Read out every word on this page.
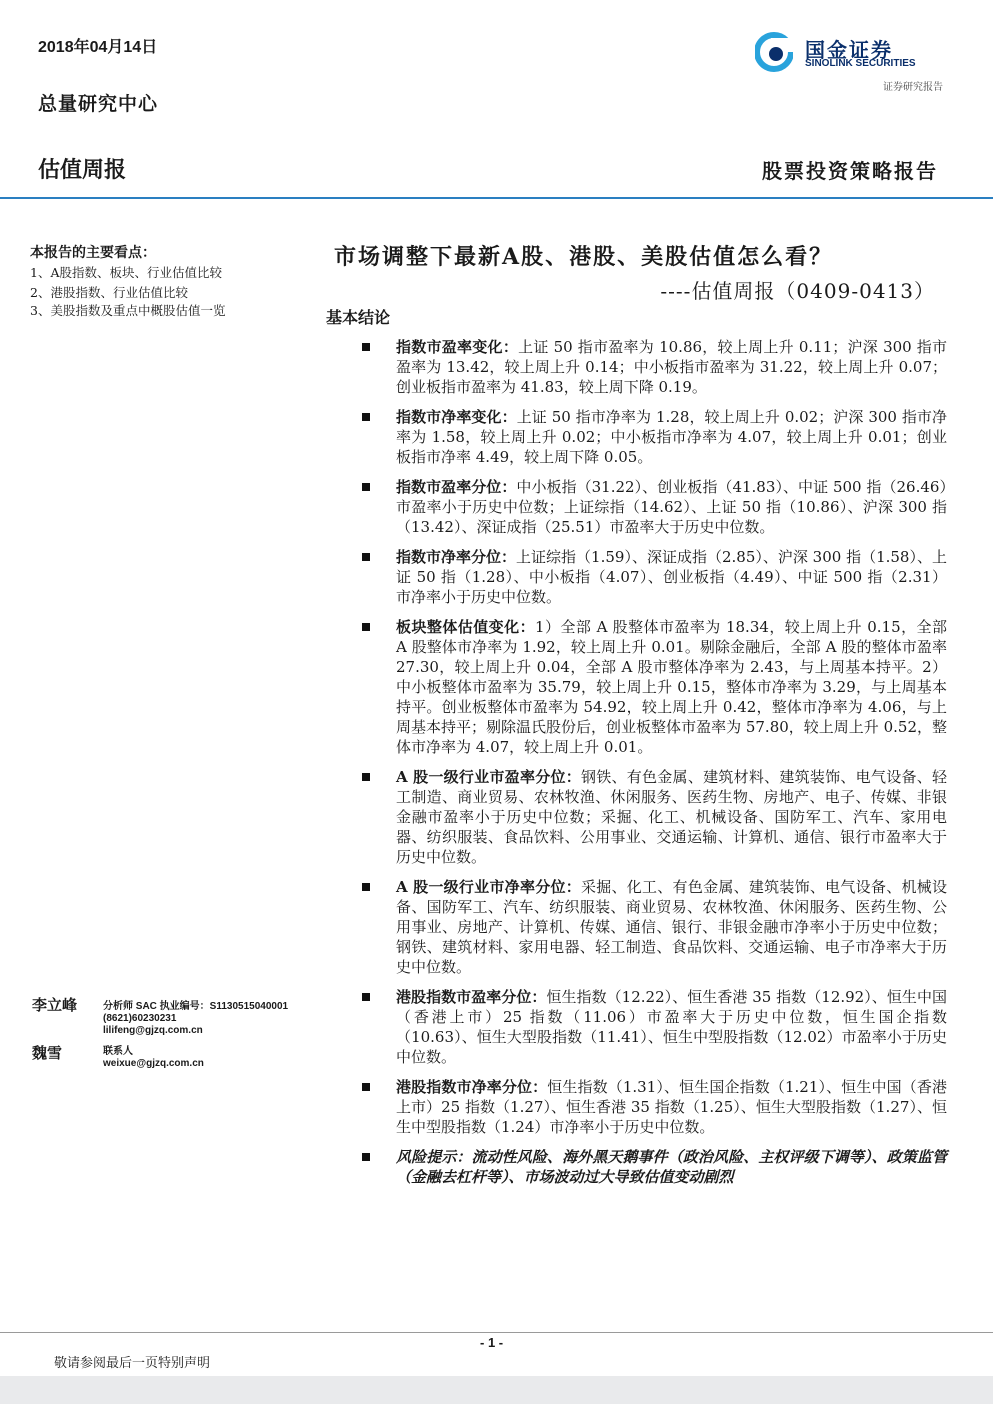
2018年04月14日
总量研究中心
估值周报	股票投资策略报告
国金证券
SINOLINK SECURITIES
证券研究报告
本报告的主要看点：
1、A股指数、板块、行业估值比较
2、港股指数、行业估值比较
3、美股指数及重点中概股估值一览
李立峰	分析师 SAC 执业编号：S1130515040001
(8621)60230231
lilifeng@gjzq.com.cn
魏雪	联系人
weixue@gjzq.com.cn
市场调整下最新A股、港股、美股估值怎么看？
----估值周报（0409-0413）
基本结论
指数市盈率变化：上证 50 指市盈率为 10.86，较上周上升 0.11；沪深 300 指市盈率为 13.42，较上周上升 0.14；中小板指市盈率为 31.22，较上周上升 0.07；创业板指市盈率为 41.83，较上周下降 0.19。
指数市净率变化：上证 50 指市净率为 1.28，较上周上升 0.02；沪深 300 指市净率为 1.58，较上周上升 0.02；中小板指市净率为 4.07，较上周上升 0.01；创业板指市净率 4.49，较上周下降 0.05。
指数市盈率分位：中小板指（31.22）、创业板指（41.83）、中证 500 指（26.46）市盈率小于历史中位数；上证综指（14.62）、上证 50 指（10.86）、沪深 300 指（13.42）、深证成指（25.51）市盈率大于历史中位数。
指数市净率分位：上证综指（1.59）、深证成指（2.85）、沪深 300 指（1.58）、上证 50 指（1.28）、中小板指（4.07）、创业板指（4.49）、中证 500 指（2.31）市净率小于历史中位数。
板块整体估值变化：1）全部 A 股整体市盈率为 18.34，较上周上升 0.15，全部 A 股整体市净率为 1.92，较上周上升 0.01。剔除金融后，全部 A 股的整体市盈率 27.30，较上周上升 0.04，全部 A 股市整体净率为 2.43，与上周基本持平。2）中小板整体市盈率为 35.79，较上周上升 0.15，整体市净率为 3.29，与上周基本持平。创业板整体市盈率为 54.92，较上周上升 0.42，整体市净率为 4.06，与上周基本持平；剔除温氏股份后，创业板整体市盈率为 57.80，较上周上升 0.52，整体市净率为 4.07，较上周上升 0.01。
A 股一级行业市盈率分位：钢铁、有色金属、建筑材料、建筑装饰、电气设备、轻工制造、商业贸易、农林牧渔、休闲服务、医药生物、房地产、电子、传媒、非银金融市盈率小于历史中位数；采掘、化工、机械设备、国防军工、汽车、家用电器、纺织服装、食品饮料、公用事业、交通运输、计算机、通信、银行市盈率大于历史中位数。
A 股一级行业市净率分位：采掘、化工、有色金属、建筑装饰、电气设备、机械设备、国防军工、汽车、纺织服装、商业贸易、农林牧渔、休闲服务、医药生物、公用事业、房地产、计算机、传媒、通信、银行、非银金融市净率小于历史中位数；钢铁、建筑材料、家用电器、轻工制造、食品饮料、交通运输、电子市净率大于历史中位数。
港股指数市盈率分位：恒生指数（12.22）、恒生香港 35 指数（12.92）、恒生中国（香港上市）25 指数（11.06）市盈率大于历史中位数，恒生国企指数（10.63）、恒生大型股指数（11.41）、恒生中型股指数（12.02）市盈率小于历史中位数。
港股指数市净率分位：恒生指数（1.31）、恒生国企指数（1.21）、恒生中国（香港上市）25 指数（1.27）、恒生香港 35 指数（1.25）、恒生大型股指数（1.27）、恒生中型股指数（1.24）市净率小于历史中位数。
风险提示：流动性风险、海外黑天鹅事件（政治风险、主权评级下调等）、政策监管（金融去杠杆等）、市场波动过大导致估值变动剧烈
- 1 -
敬请参阅最后一页特别声明
